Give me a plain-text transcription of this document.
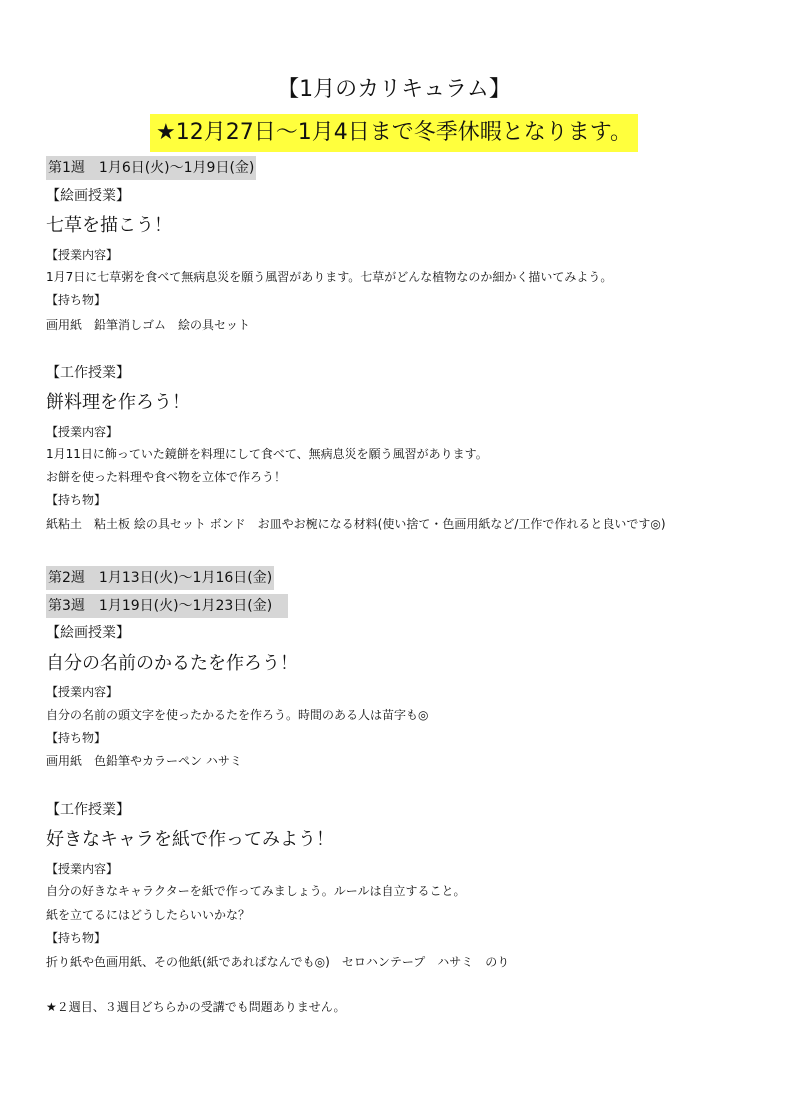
【1月のカリキュラム】
★12月27日〜1月4日まで冬季休暇となります。
第1週　1月6日(火)〜1月9日(金)
【絵画授業】
七草を描こう！
【授業内容】
1月7日に七草粥を食べて無病息災を願う風習があります。七草がどんな植物なのか細かく描いてみよう。
【持ち物】
画用紙　鉛筆消しゴム　絵の具セット
【工作授業】
餅料理を作ろう！
【授業内容】
1月11日に飾っていた鏡餅を料理にして食べて、無病息災を願う風習があります。
お餅を使った料理や食べ物を立体で作ろう！
【持ち物】
紙粘土　粘土板 絵の具セット ボンド　お皿やお椀になる材料(使い捨て・色画用紙など/工作で作れると良いです◎)
第2週　1月13日(火)〜1月16日(金)
第3週　1月19日(火)〜1月23日(金)
【絵画授業】
自分の名前のかるたを作ろう！
【授業内容】
自分の名前の頭文字を使ったかるたを作ろう。時間のある人は苗字も◎
【持ち物】
画用紙　色鉛筆やカラーペン ハサミ
【工作授業】
好きなキャラを紙で作ってみよう！
【授業内容】
自分の好きなキャラクターを紙で作ってみましょう。ルールは自立すること。
紙を立てるにはどうしたらいいかな？
【持ち物】
折り紙や色画用紙、その他紙(紙であればなんでも◎)　セロハンテープ　ハサミ　のり
★２週目、３週目どちらかの受講でも問題ありません。
